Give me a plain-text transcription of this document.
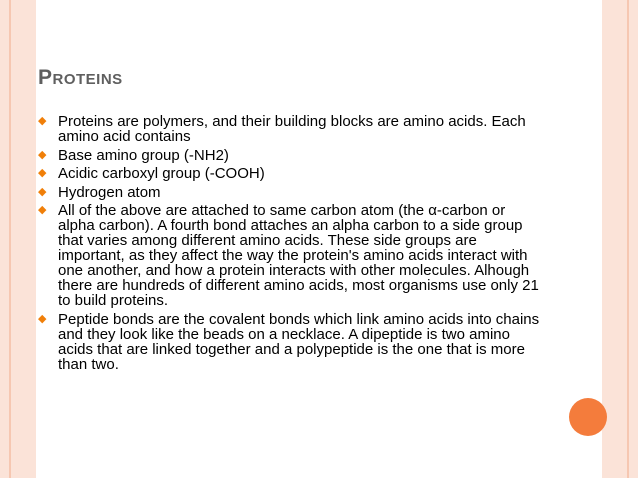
Proteins
◆ Proteins are polymers, and their building blocks are amino acids. Each amino acid contains
◆ Base amino group (-NH2)
◆ Acidic carboxyl group (-COOH)
◆ Hydrogen atom
◆ All of the above are attached to same carbon atom (the α-carbon or alpha carbon). A fourth bond attaches an alpha carbon to a side group that varies among different amino acids. These side groups are important, as they affect the way the protein's amino acids interact with one another, and how a protein interacts with other molecules. Alhough there are hundreds of different amino acids, most organisms use only 21 to build proteins.
◆ Peptide bonds are the covalent bonds which link amino acids into chains and they look like the beads on a necklace. A dipeptide is two amino acids that are linked together and a polypeptide is the one that is more than two.
